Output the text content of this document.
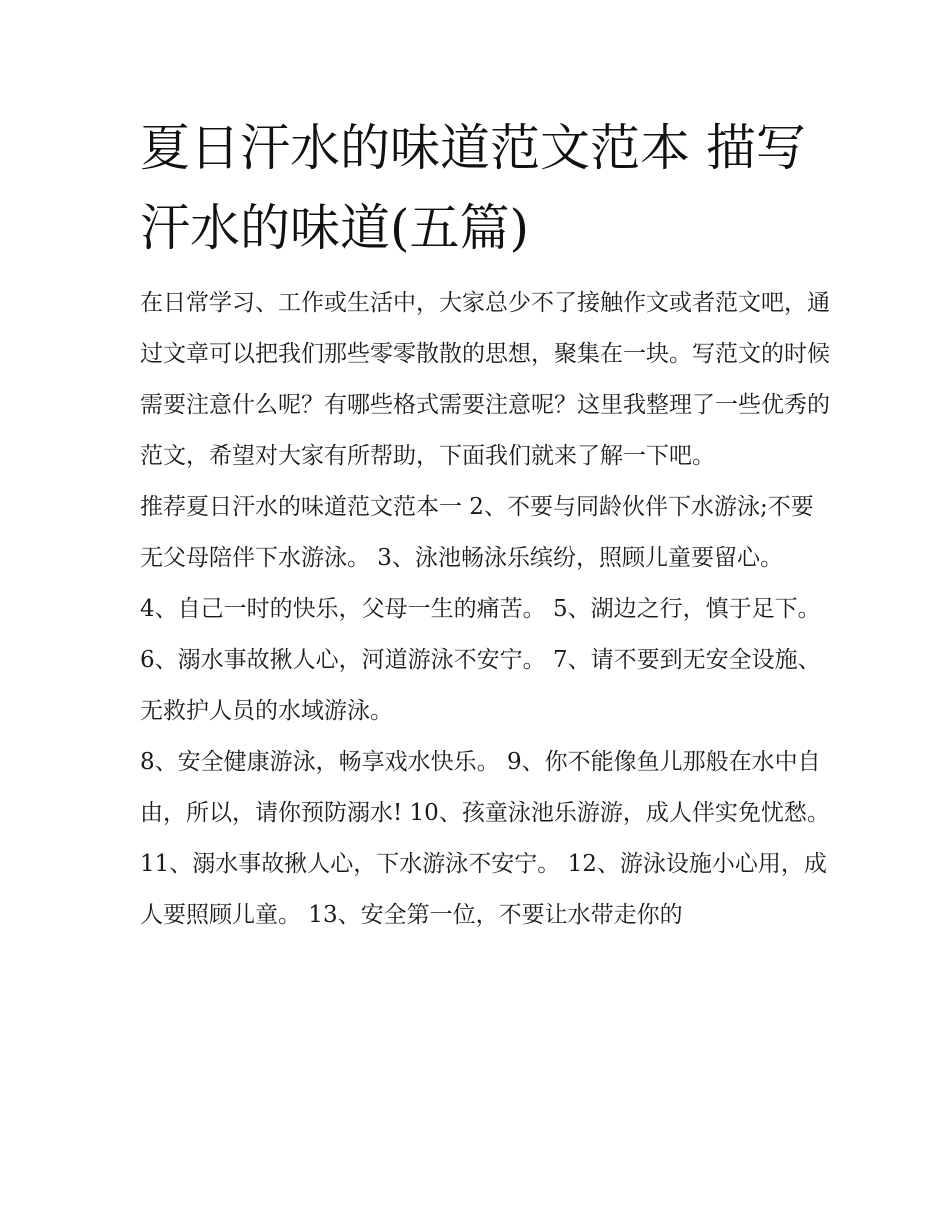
夏日汗水的味道范文范本 描写汗水的味道(五篇)

在日常学习、工作或生活中，大家总少不了接触作文或者范文吧，通过文章可以把我们那些零零散散的思想，聚集在一块。写范文的时候需要注意什么呢？有哪些格式需要注意呢？这里我整理了一些优秀的范文，希望对大家有所帮助，下面我们就来了解一下吧。

推荐夏日汗水的味道范文范本一 2、不要与同龄伙伴下水游泳;不要无父母陪伴下水游泳。 3、泳池畅泳乐缤纷，照顾儿童要留心。

4、自己一时的快乐，父母一生的痛苦。 5、湖边之行，慎于足下。 6、溺水事故揪人心，河道游泳不安宁。 7、请不要到无安全设施、无救护人员的水域游泳。

8、安全健康游泳，畅享戏水快乐。 9、你不能像鱼儿那般在水中自由，所以，请你预防溺水! 10、孩童泳池乐游游，成人伴实免忧愁。

11、溺水事故揪人心，下水游泳不安宁。 12、游泳设施小心用，成人要照顾儿童。 13、安全第一位，不要让水带走你的
